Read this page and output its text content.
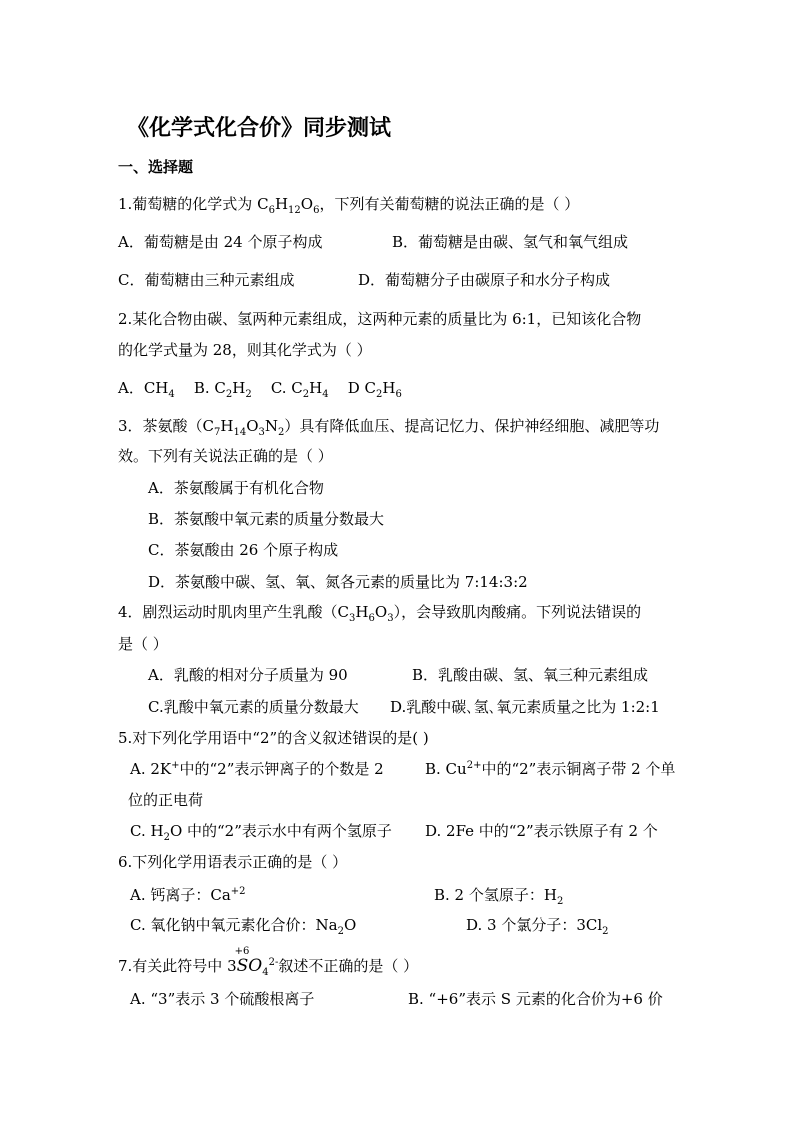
《化学式化合价》同步测试
一、选择题
1.葡萄糖的化学式为 $C_6H_{12}O_6$，下列有关葡萄糖的说法正确的是（ ）
A．葡萄糖是由 24 个原子构成	B．葡萄糖是由碳、氢气和氧气组成
C．葡萄糖由三种元素组成	D．葡萄糖分子由碳原子和水分子构成
2.某化合物由碳、氢两种元素组成，这两种元素的质量比为 6:1，已知该化合物
的化学式量为 28，则其化学式为（ ）
A．$CH_4$ B. $C_2H_2$ C. $C_2H_4$ D $C_2H_6$
3．茶氨酸$(C_7H_{14}O_3N_2)$具有降低血压、提高记忆力、保护神经细胞、减肥等功
效。下列有关说法正确的是（ ）
A．茶氨酸属于有机化合物
B．茶氨酸中氧元素的质量分数最大
C．茶氨酸由 26 个原子构成
D．茶氨酸中碳、氢、氧、氮各元素的质量比为 7:14:3:2
4．剧烈运动时肌肉里产生乳酸$(C_3H_6O_3)$，会导致肌肉酸痛。下列说法错误的
是（ ）
A．乳酸的相对分子质量为 90	B．乳酸由碳、氢、氧三种元素组成
C.乳酸中氧元素的质量分数最大 D.乳酸中碳､氢､氧元素质量之比为 1:2:1
5.对下列化学用语中“2”的含义叙述错误的是( )
A. 2K+中的“2”表示钾离子的个数是 2	B. $Cu^{2+}$中的“2”表示铜离子带 2 个单
位的正电荷
C. $H_2O$ 中的“2”表示水中有两个氢原子 D. 2Fe 中的“2”表示铁原子有 2 个
6.下列化学用语表示正确的是（ ）
A. 钙离子：$Ca^{+2}$	B. 2 个氢原子：$H_2$
C. 氧化钠中氧元素化合价：$Na_2O$	D. 3 个氯分子：$3Cl_2$
7.有关此符号中 3
+6
$SO_4^{2-}$叙述不正确的是（ ）
A. “3”表示 3 个硫酸根离子	B. “+6”表示 S 元素的化合价为+6 价
